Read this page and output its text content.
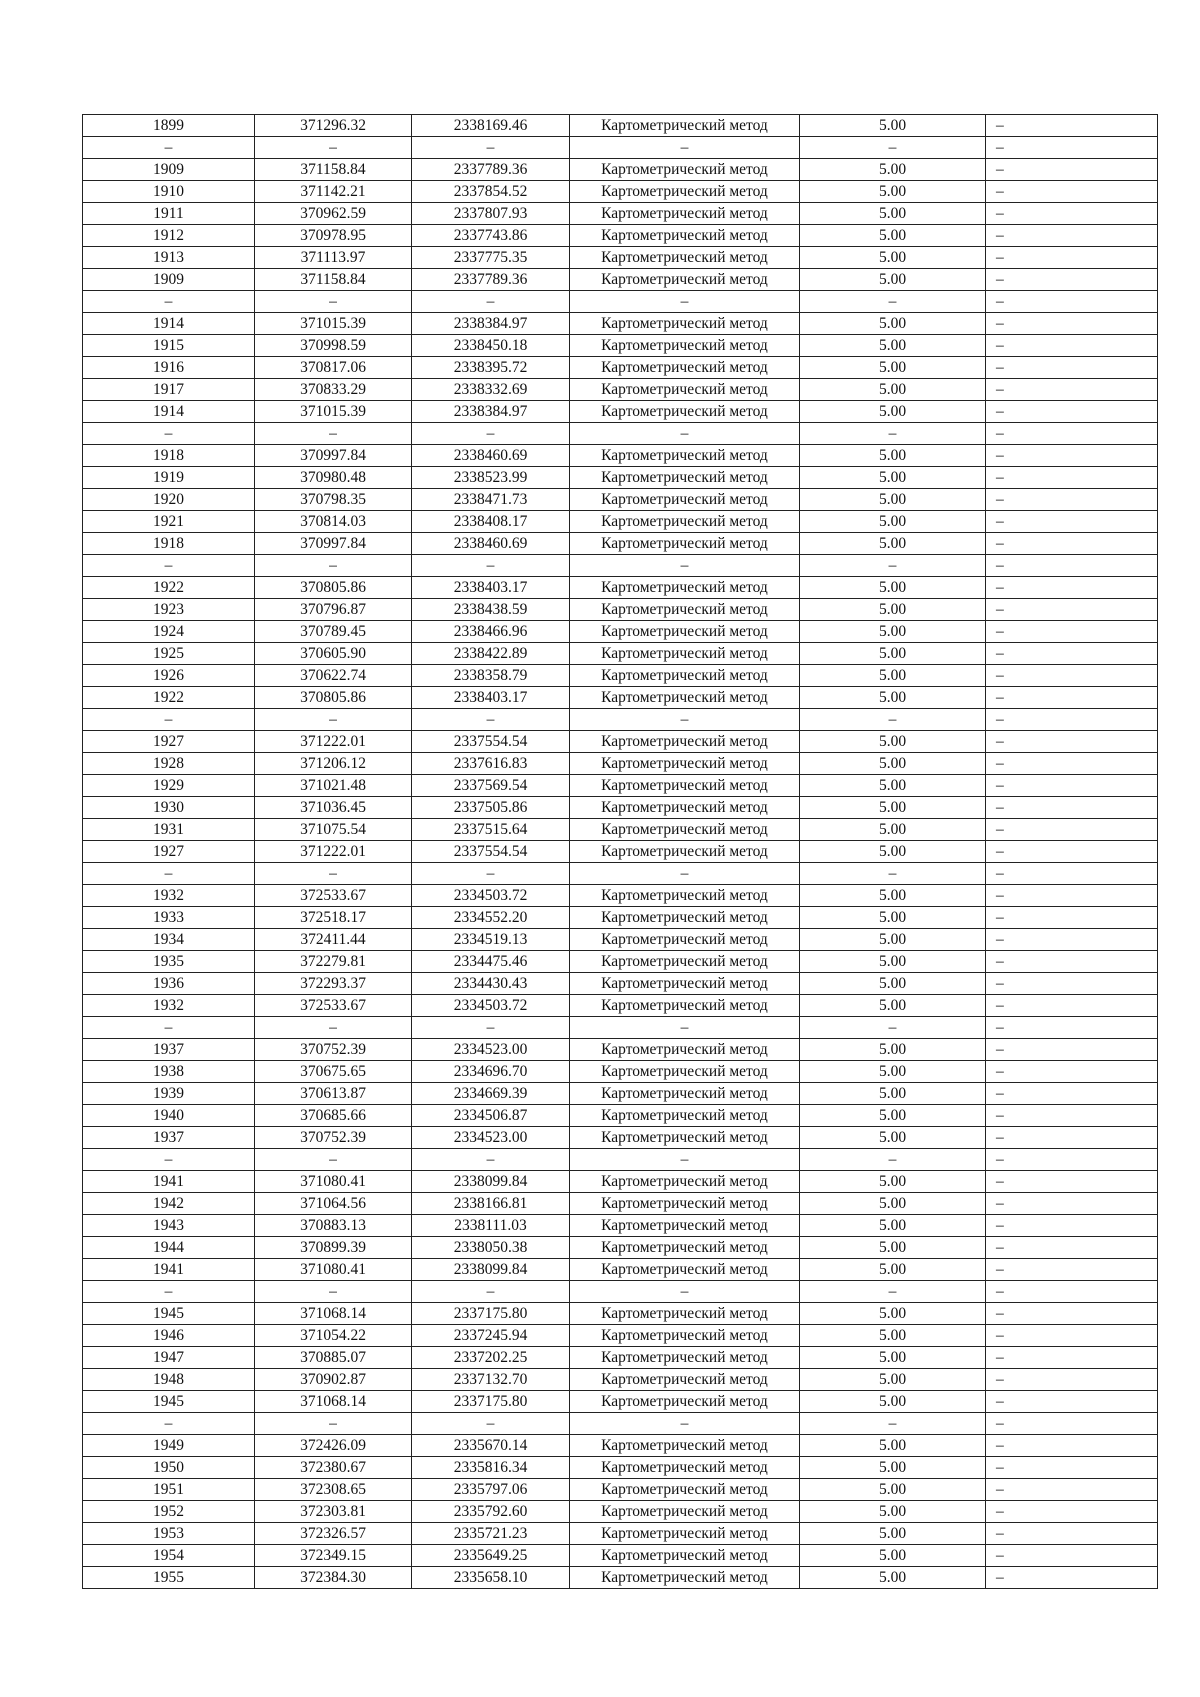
1899	371296.32	2338169.46	Картометрический метод	5.00	–
–	–	–	–	–	–
1909	371158.84	2337789.36	Картометрический метод	5.00	–
1910	371142.21	2337854.52	Картометрический метод	5.00	–
1911	370962.59	2337807.93	Картометрический метод	5.00	–
1912	370978.95	2337743.86	Картометрический метод	5.00	–
1913	371113.97	2337775.35	Картометрический метод	5.00	–
1909	371158.84	2337789.36	Картометрический метод	5.00	–
–	–	–	–	–	–
1914	371015.39	2338384.97	Картометрический метод	5.00	–
1915	370998.59	2338450.18	Картометрический метод	5.00	–
1916	370817.06	2338395.72	Картометрический метод	5.00	–
1917	370833.29	2338332.69	Картометрический метод	5.00	–
1914	371015.39	2338384.97	Картометрический метод	5.00	–
–	–	–	–	–	–
1918	370997.84	2338460.69	Картометрический метод	5.00	–
1919	370980.48	2338523.99	Картометрический метод	5.00	–
1920	370798.35	2338471.73	Картометрический метод	5.00	–
1921	370814.03	2338408.17	Картометрический метод	5.00	–
1918	370997.84	2338460.69	Картометрический метод	5.00	–
–	–	–	–	–	–
1922	370805.86	2338403.17	Картометрический метод	5.00	–
1923	370796.87	2338438.59	Картометрический метод	5.00	–
1924	370789.45	2338466.96	Картометрический метод	5.00	–
1925	370605.90	2338422.89	Картометрический метод	5.00	–
1926	370622.74	2338358.79	Картометрический метод	5.00	–
1922	370805.86	2338403.17	Картометрический метод	5.00	–
–	–	–	–	–	–
1927	371222.01	2337554.54	Картометрический метод	5.00	–
1928	371206.12	2337616.83	Картометрический метод	5.00	–
1929	371021.48	2337569.54	Картометрический метод	5.00	–
1930	371036.45	2337505.86	Картометрический метод	5.00	–
1931	371075.54	2337515.64	Картометрический метод	5.00	–
1927	371222.01	2337554.54	Картометрический метод	5.00	–
–	–	–	–	–	–
1932	372533.67	2334503.72	Картометрический метод	5.00	–
1933	372518.17	2334552.20	Картометрический метод	5.00	–
1934	372411.44	2334519.13	Картометрический метод	5.00	–
1935	372279.81	2334475.46	Картометрический метод	5.00	–
1936	372293.37	2334430.43	Картометрический метод	5.00	–
1932	372533.67	2334503.72	Картометрический метод	5.00	–
–	–	–	–	–	–
1937	370752.39	2334523.00	Картометрический метод	5.00	–
1938	370675.65	2334696.70	Картометрический метод	5.00	–
1939	370613.87	2334669.39	Картометрический метод	5.00	–
1940	370685.66	2334506.87	Картометрический метод	5.00	–
1937	370752.39	2334523.00	Картометрический метод	5.00	–
–	–	–	–	–	–
1941	371080.41	2338099.84	Картометрический метод	5.00	–
1942	371064.56	2338166.81	Картометрический метод	5.00	–
1943	370883.13	2338111.03	Картометрический метод	5.00	–
1944	370899.39	2338050.38	Картометрический метод	5.00	–
1941	371080.41	2338099.84	Картометрический метод	5.00	–
–	–	–	–	–	–
1945	371068.14	2337175.80	Картометрический метод	5.00	–
1946	371054.22	2337245.94	Картометрический метод	5.00	–
1947	370885.07	2337202.25	Картометрический метод	5.00	–
1948	370902.87	2337132.70	Картометрический метод	5.00	–
1945	371068.14	2337175.80	Картометрический метод	5.00	–
–	–	–	–	–	–
1949	372426.09	2335670.14	Картометрический метод	5.00	–
1950	372380.67	2335816.34	Картометрический метод	5.00	–
1951	372308.65	2335797.06	Картометрический метод	5.00	–
1952	372303.81	2335792.60	Картометрический метод	5.00	–
1953	372326.57	2335721.23	Картометрический метод	5.00	–
1954	372349.15	2335649.25	Картометрический метод	5.00	–
1955	372384.30	2335658.10	Картометрический метод	5.00	–
